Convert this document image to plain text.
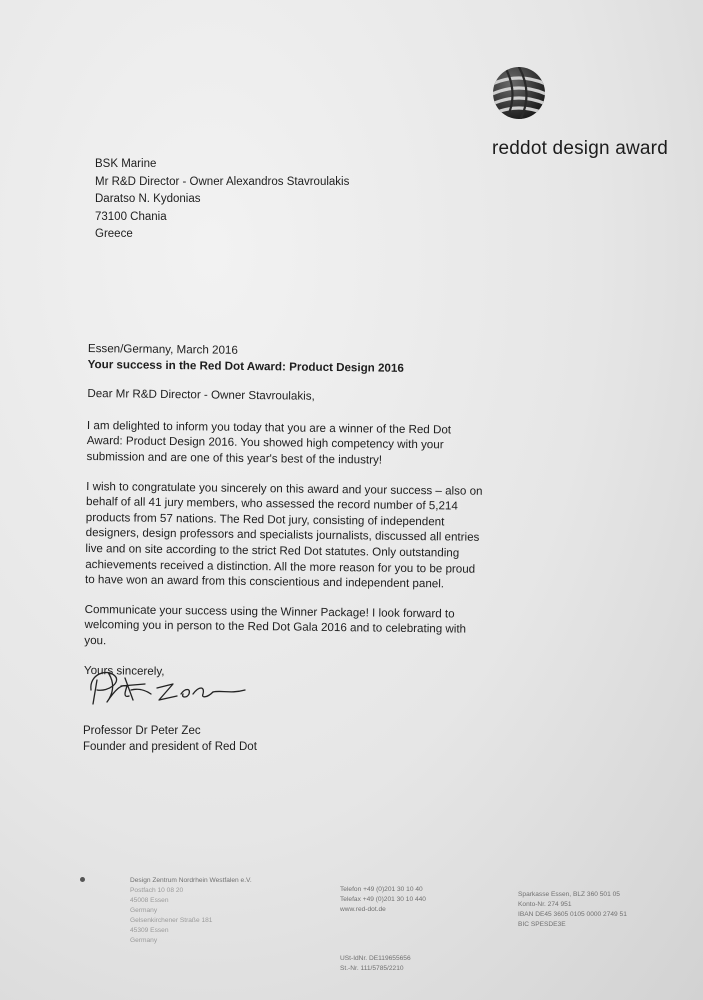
reddot design award
BSK Marine
Mr R&D Director - Owner Alexandros Stavroulakis
Daratso N. Kydonias
73100 Chania
Greece

Essen/Germany, March 2016

Your success in the Red Dot Award: Product Design 2016

Dear Mr R&D Director - Owner Stavroulakis,

I am delighted to inform you today that you are a winner of the Red Dot Award: Product Design 2016. You showed high competency with your submission and are one of this year's best of the industry!

I wish to congratulate you sincerely on this award and your success – also on behalf of all 41 jury members, who assessed the record number of 5,214 products from 57 nations. The Red Dot jury, consisting of independent designers, design professors and specialists journalists, discussed all entries live and on site according to the strict Red Dot statutes. Only outstanding achievements received a distinction. All the more reason for you to be proud to have won an award from this conscientious and independent panel.

Communicate your success using the Winner Package! I look forward to welcoming you in person to the Red Dot Gala 2016 and to celebrating with you.

Yours sincerely,

Professor Dr Peter Zec
Founder and president of Red Dot
Design Zentrum Nordrhein Westfalen e.V.
Postfach 10 08 20
45008 Essen
Germany
Gelsenkirchener Straße 181
45309 Essen
Germany
Telefon +49 (0)201 30 10 40
Telefax +49 (0)201 30 10 440
www.red-dot.de
USt-IdNr. DE119655656
St.-Nr. 111/5785/2210
Sparkasse Essen, BLZ 360 501 05
Konto-Nr. 274 951
IBAN DE45 3605 0105 0000 2749 51
BIC SPESDE3E
